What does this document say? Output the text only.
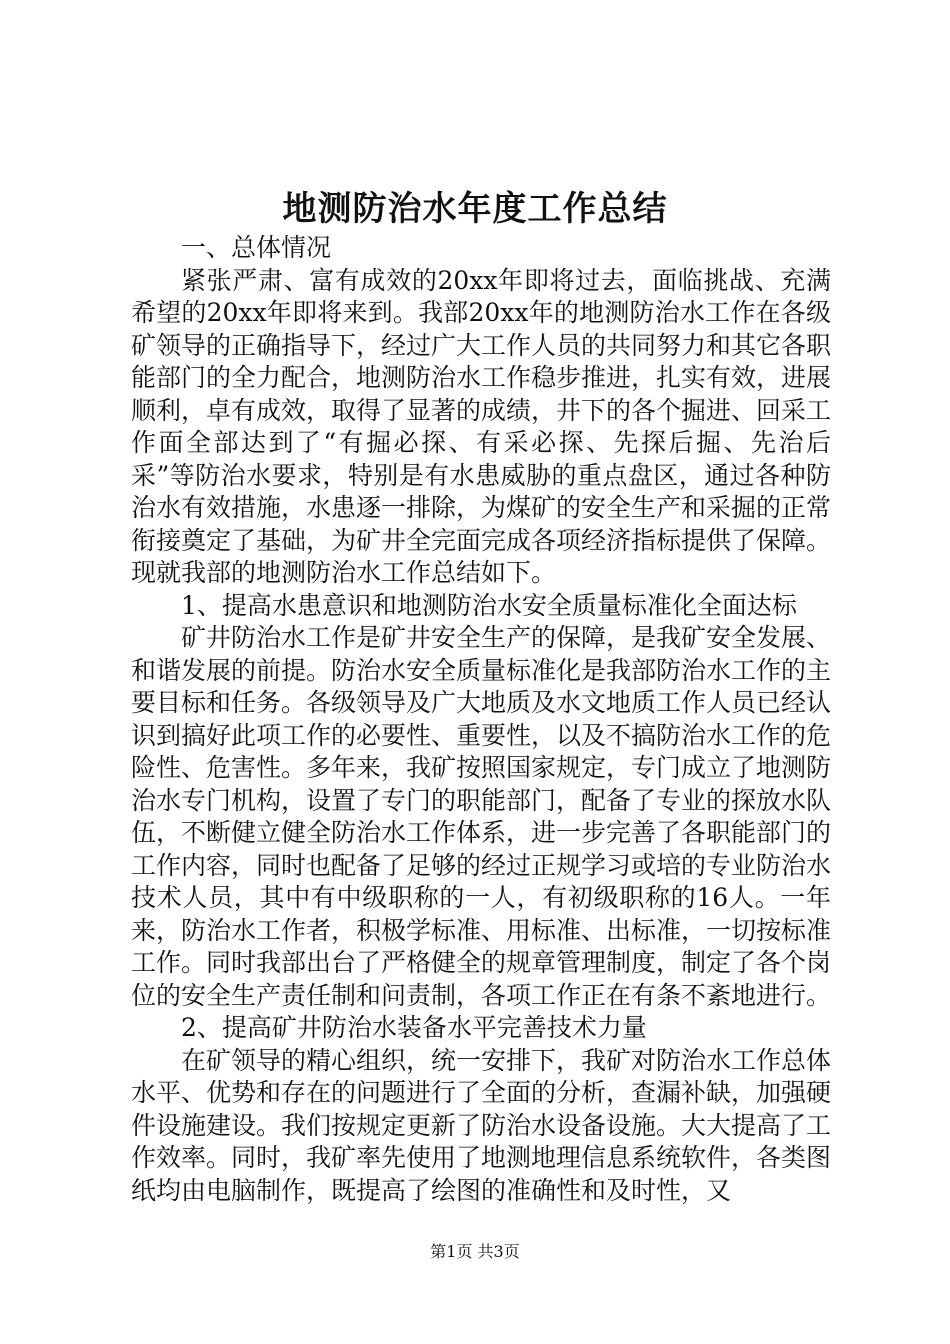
地测防治水年度工作总结

一、总体情况

紧张严肃、富有成效的20xx年即将过去，面临挑战、充满希望的20xx年即将来到。我部20xx年的地测防治水工作在各级矿领导的正确指导下，经过广大工作人员的共同努力和其它各职能部门的全力配合，地测防治水工作稳步推进，扎实有效，进展顺利，卓有成效，取得了显著的成绩，井下的各个掘进、回采工作面全部达到了“有掘必探、有采必探、先探后掘、先治后采”等防治水要求，特别是有水患威胁的重点盘区，通过各种防治水有效措施，水患逐一排除，为煤矿的安全生产和采掘的正常衔接奠定了基础，为矿井全完面完成各项经济指标提供了保障。现就我部的地测防治水工作总结如下。

1、提高水患意识和地测防治水安全质量标准化全面达标

矿井防治水工作是矿井安全生产的保障，是我矿安全发展、和谐发展的前提。防治水安全质量标准化是我部防治水工作的主要目标和任务。各级领导及广大地质及水文地质工作人员已经认识到搞好此项工作的必要性、重要性，以及不搞防治水工作的危险性、危害性。多年来，我矿按照国家规定，专门成立了地测防治水专门机构，设置了专门的职能部门，配备了专业的探放水队伍，不断健立健全防治水工作体系，进一步完善了各职能部门的工作内容，同时也配备了足够的经过正规学习或培的专业防治水技术人员，其中有中级职称的一人，有初级职称的16人。一年来，防治水工作者，积极学标准、用标准、出标准，一切按标准工作。同时我部出台了严格健全的规章管理制度，制定了各个岗位的安全生产责任制和问责制，各项工作正在有条不紊地进行。

2、提高矿井防治水装备水平完善技术力量

在矿领导的精心组织，统一安排下，我矿对防治水工作总体水平、优势和存在的问题进行了全面的分析，查漏补缺，加强硬件设施建设。我们按规定更新了防治水设备设施。大大提高了工作效率。同时，我矿率先使用了地测地理信息系统软件，各类图纸均由电脑制作，既提高了绘图的准确性和及时性，又

第1页 共3页
